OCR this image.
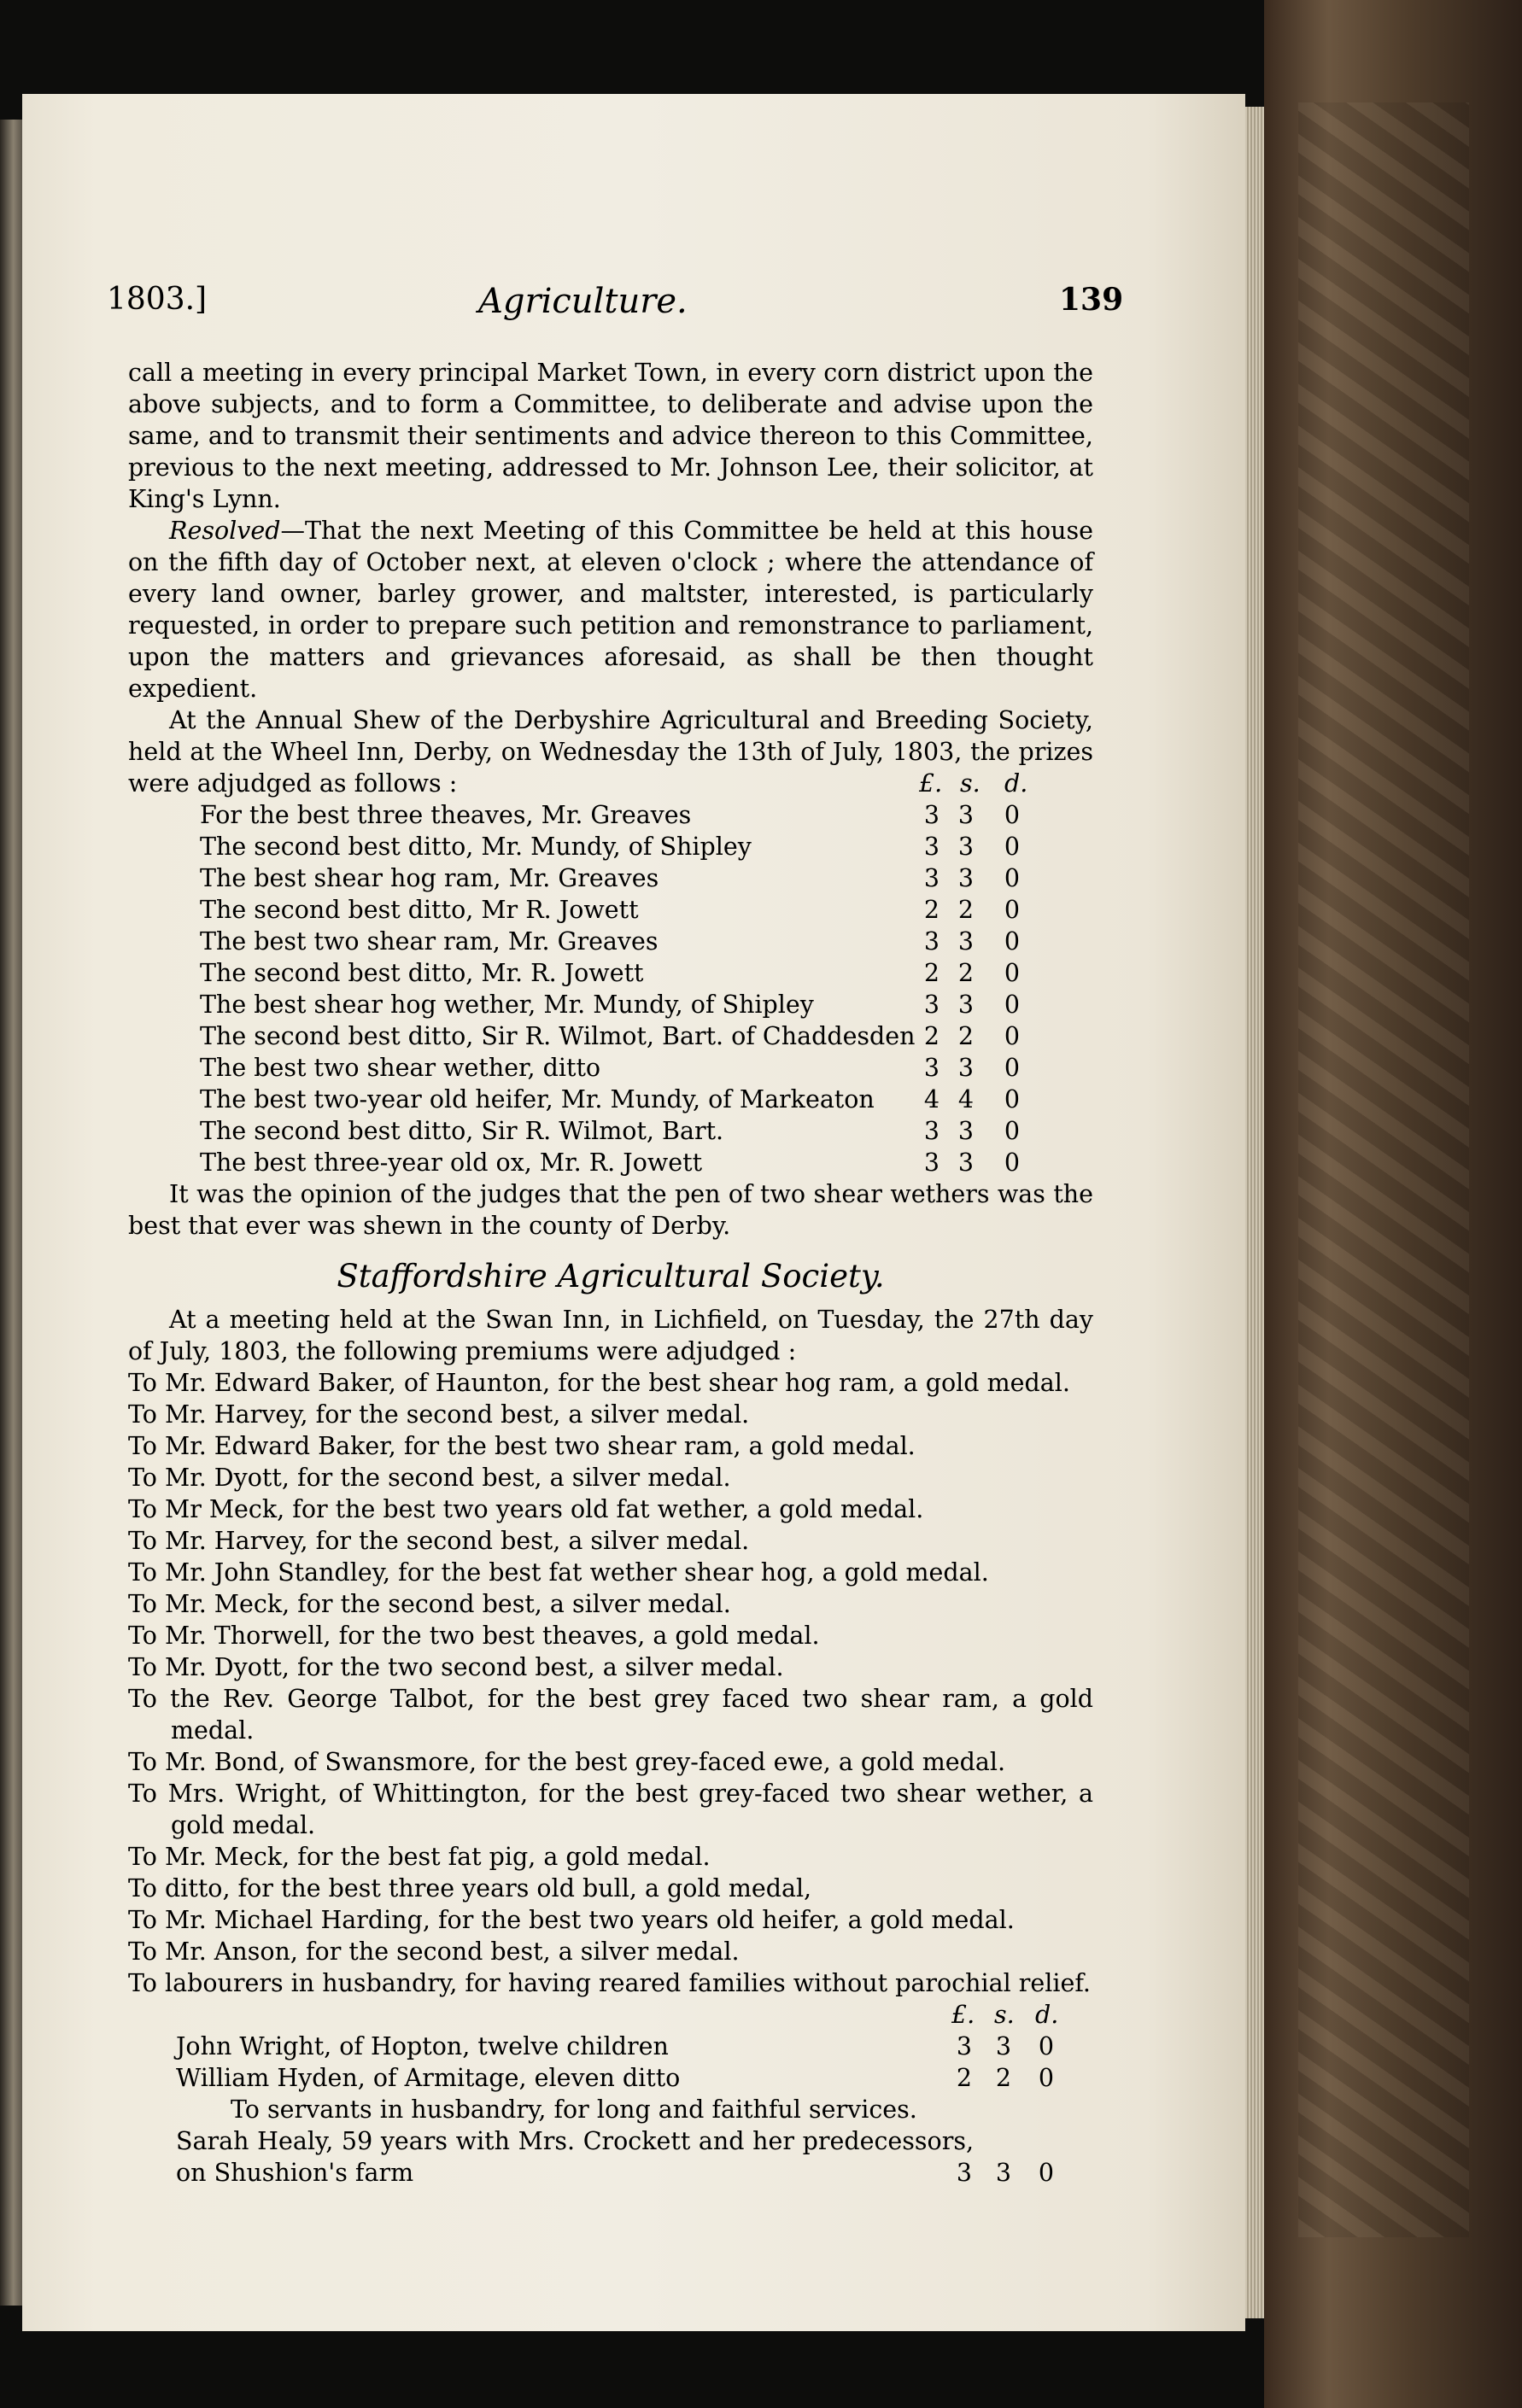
1803.]	Agriculture.	139

call a meeting in every principal Market Town, in every corn district upon the above subjects, and to form a Committee, to deliberate and advise upon the same, and to transmit their sentiments and advice thereon to this Committee, previous to the next meeting, addressed to Mr. Johnson Lee, their solicitor, at King's Lynn.

Resolved—That the next Meeting of this Committee be held at this house on the fifth day of October next, at eleven o'clock ; where the attendance of every land owner, barley grower, and maltster, interested, is particularly requested, in order to prepare such petition and remonstrance to parliament, upon the matters and grievances aforesaid, as shall be then thought expedient.

At the Annual Shew of the Derbyshire Agricultural and Breeding Society, held at the Wheel Inn, Derby, on Wednesday the 13th of July, 1803, the prizes were adjudged as follows :	£. s. d.
For the best three theaves, Mr. Greaves	3 3 0
The second best ditto, Mr. Mundy, of Shipley	3 3 0
The best shear hog ram, Mr. Greaves	3 3 0
The second best ditto, Mr R. Jowett	2 2 0
The best two shear ram, Mr. Greaves	3 3 0
The second best ditto, Mr. R. Jowett	2 2 0
The best shear hog wether, Mr. Mundy, of Shipley	3 3 0
The second best ditto, Sir R. Wilmot, Bart. of Chaddesden 2 2 0
The best two shear wether, ditto	3 3 0
The best two-year old heifer, Mr. Mundy, of Markeaton 4 4 0
The second best ditto, Sir R. Wilmot, Bart.	3 3 0
The best three-year old ox, Mr. R. Jowett	3 3 0

It was the opinion of the judges that the pen of two shear wethers was the best that ever was shewn in the county of Derby.

Staffordshire Agricultural Society.

At a meeting held at the Swan Inn, in Lichfield, on Tuesday, the 27th day of July, 1803, the following premiums were adjudged :

To Mr. Edward Baker, of Haunton, for the best shear hog ram, a gold medal.

To Mr. Harvey, for the second best, a silver medal.

To Mr. Edward Baker, for the best two shear ram, a gold medal.

To Mr. Dyott, for the second best, a silver medal.

To Mr Meck, for the best two years old fat wether, a gold medal.

To Mr. Harvey, for the second best, a silver medal.

To Mr. John Standley, for the best fat wether shear hog, a gold medal.

To Mr. Meck, for the second best, a silver medal.

To Mr. Thorwell, for the two best theaves, a gold medal.

To Mr. Dyott, for the two second best, a silver medal.

To the Rev. George Talbot, for the best grey faced two shear ram, a gold medal.

To Mr. Bond, of Swansmore, for the best grey-faced ewe, a gold medal.

To Mrs. Wright, of Whittington, for the best grey-faced two shear wether, a gold medal.

To Mr. Meck, for the best fat pig, a gold medal.

To ditto, for the best three years old bull, a gold medal,

To Mr. Michael Harding, for the best two years old heifer, a gold medal.

To Mr. Anson, for the second best, a silver medal.

To labourers in husbandry, for having reared families without parochial relief.

£. s. d.
John Wright, of Hopton, twelve children	3 3 0
William Hyden, of Armitage, eleven ditto	2 2 0

To servants in husbandry, for long and faithful services.

Sarah Healy, 59 years with Mrs. Crockett and her predecessors, on Shushion's farm	3 3 0
